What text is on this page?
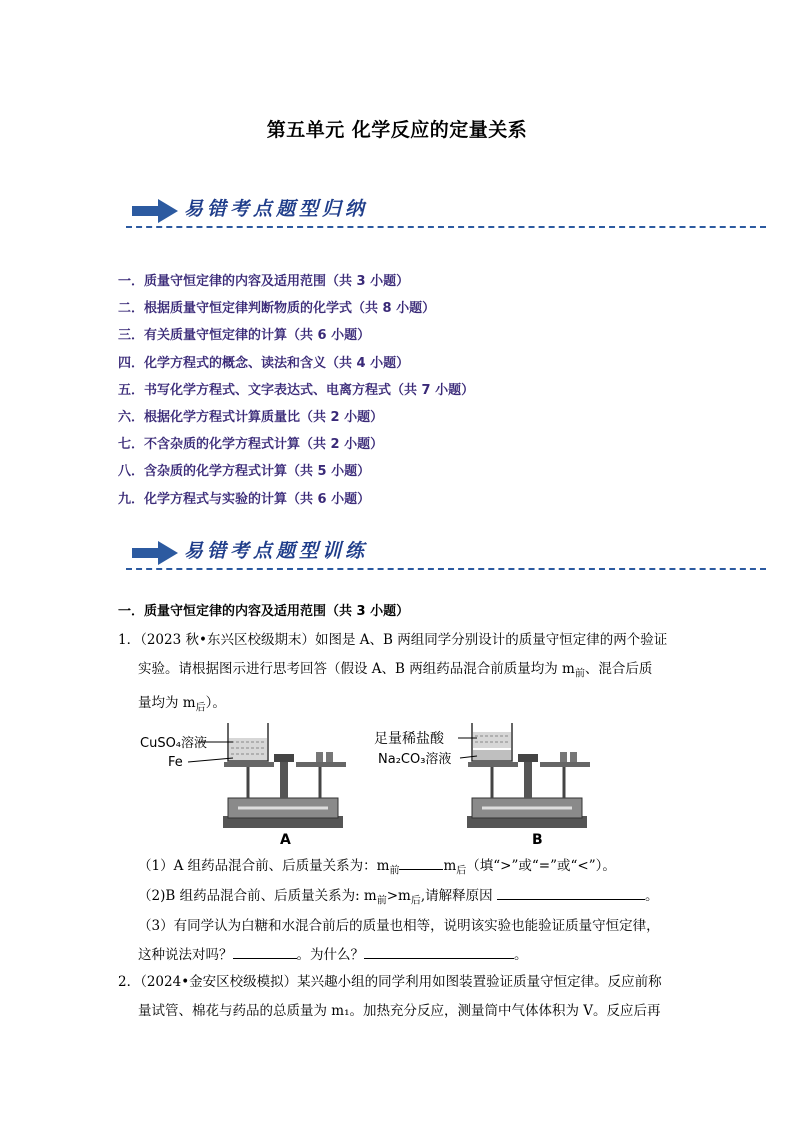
第五单元 化学反应的定量关系
易错考点题型归纳
一．质量守恒定律的内容及适用范围（共 3 小题）
二．根据质量守恒定律判断物质的化学式（共 8 小题）
三．有关质量守恒定律的计算（共 6 小题）
四．化学方程式的概念、读法和含义（共 4 小题）
五．书写化学方程式、文字表达式、电离方程式（共 7 小题）
六．根据化学方程式计算质量比（共 2 小题）
七．不含杂质的化学方程式计算（共 2 小题）
八．含杂质的化学方程式计算（共 5 小题）
九．化学方程式与实验的计算（共 6 小题）
易错考点题型训练
一．质量守恒定律的内容及适用范围（共 3 小题）
1．（2023 秋•东兴区校级期末）如图是 A、B 两组同学分别设计的质量守恒定律的两个验证
实验。请根据图示进行思考回答（假设 A、B 两组药品混合前质量均为 $m_前$、混合后质
量均为 $m_后$）。
CuSO₄溶液
Fe
A
足量稀盐酸
Na₂CO₃溶液
B
（1）A 组药品混合前、后质量关系为：$m_前$	$m_后$（填“>”或“=”或“<”）。
（2)B 组药品混合前、后质量关系为: $m_前>m_后$,请解释原因	。
（3）有同学认为白糖和水混合前后的质量也相等，说明该实验也能验证质量守恒定律，
这种说法对吗？	。为什么？	。
2．（2024•金安区校级模拟）某兴趣小组的同学利用如图装置验证质量守恒定律。反应前称
量试管、棉花与药品的总质量为 m₁。加热充分反应，测量筒中气体体积为 V。反应后再
